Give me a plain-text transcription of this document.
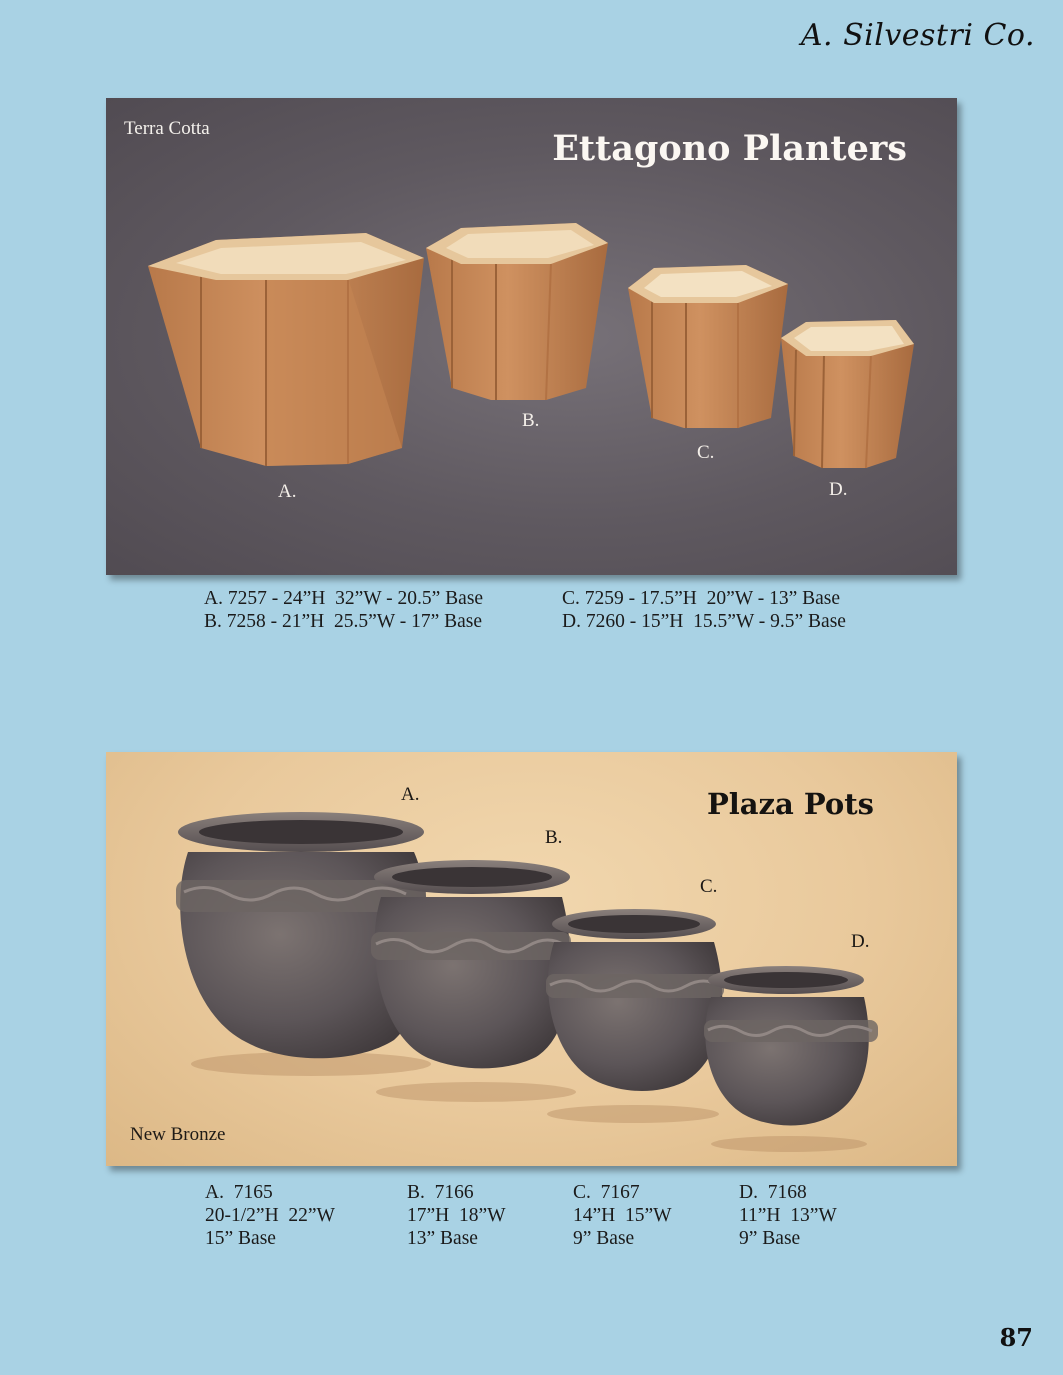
A. Silvestri Co.
Terra Cotta	Ettagono Planters
A.
B.
C.
D.
A. 7257 - 24”H  32”W - 20.5” Base
B. 7258 - 21”H  25.5”W - 17” Base
C. 7259 - 17.5”H  20”W - 13” Base
D. 7260 - 15”H  15.5”W - 9.5” Base
New Bronze
Plaza Pots
A.
B.
C.
D.
A.  7165
20-1/2”H  22”W
15” Base
B.  7166
17”H  18”W
13” Base
C.  7167
14”H  15”W
9” Base
D.  7168
11”H  13”W
9” Base
87
